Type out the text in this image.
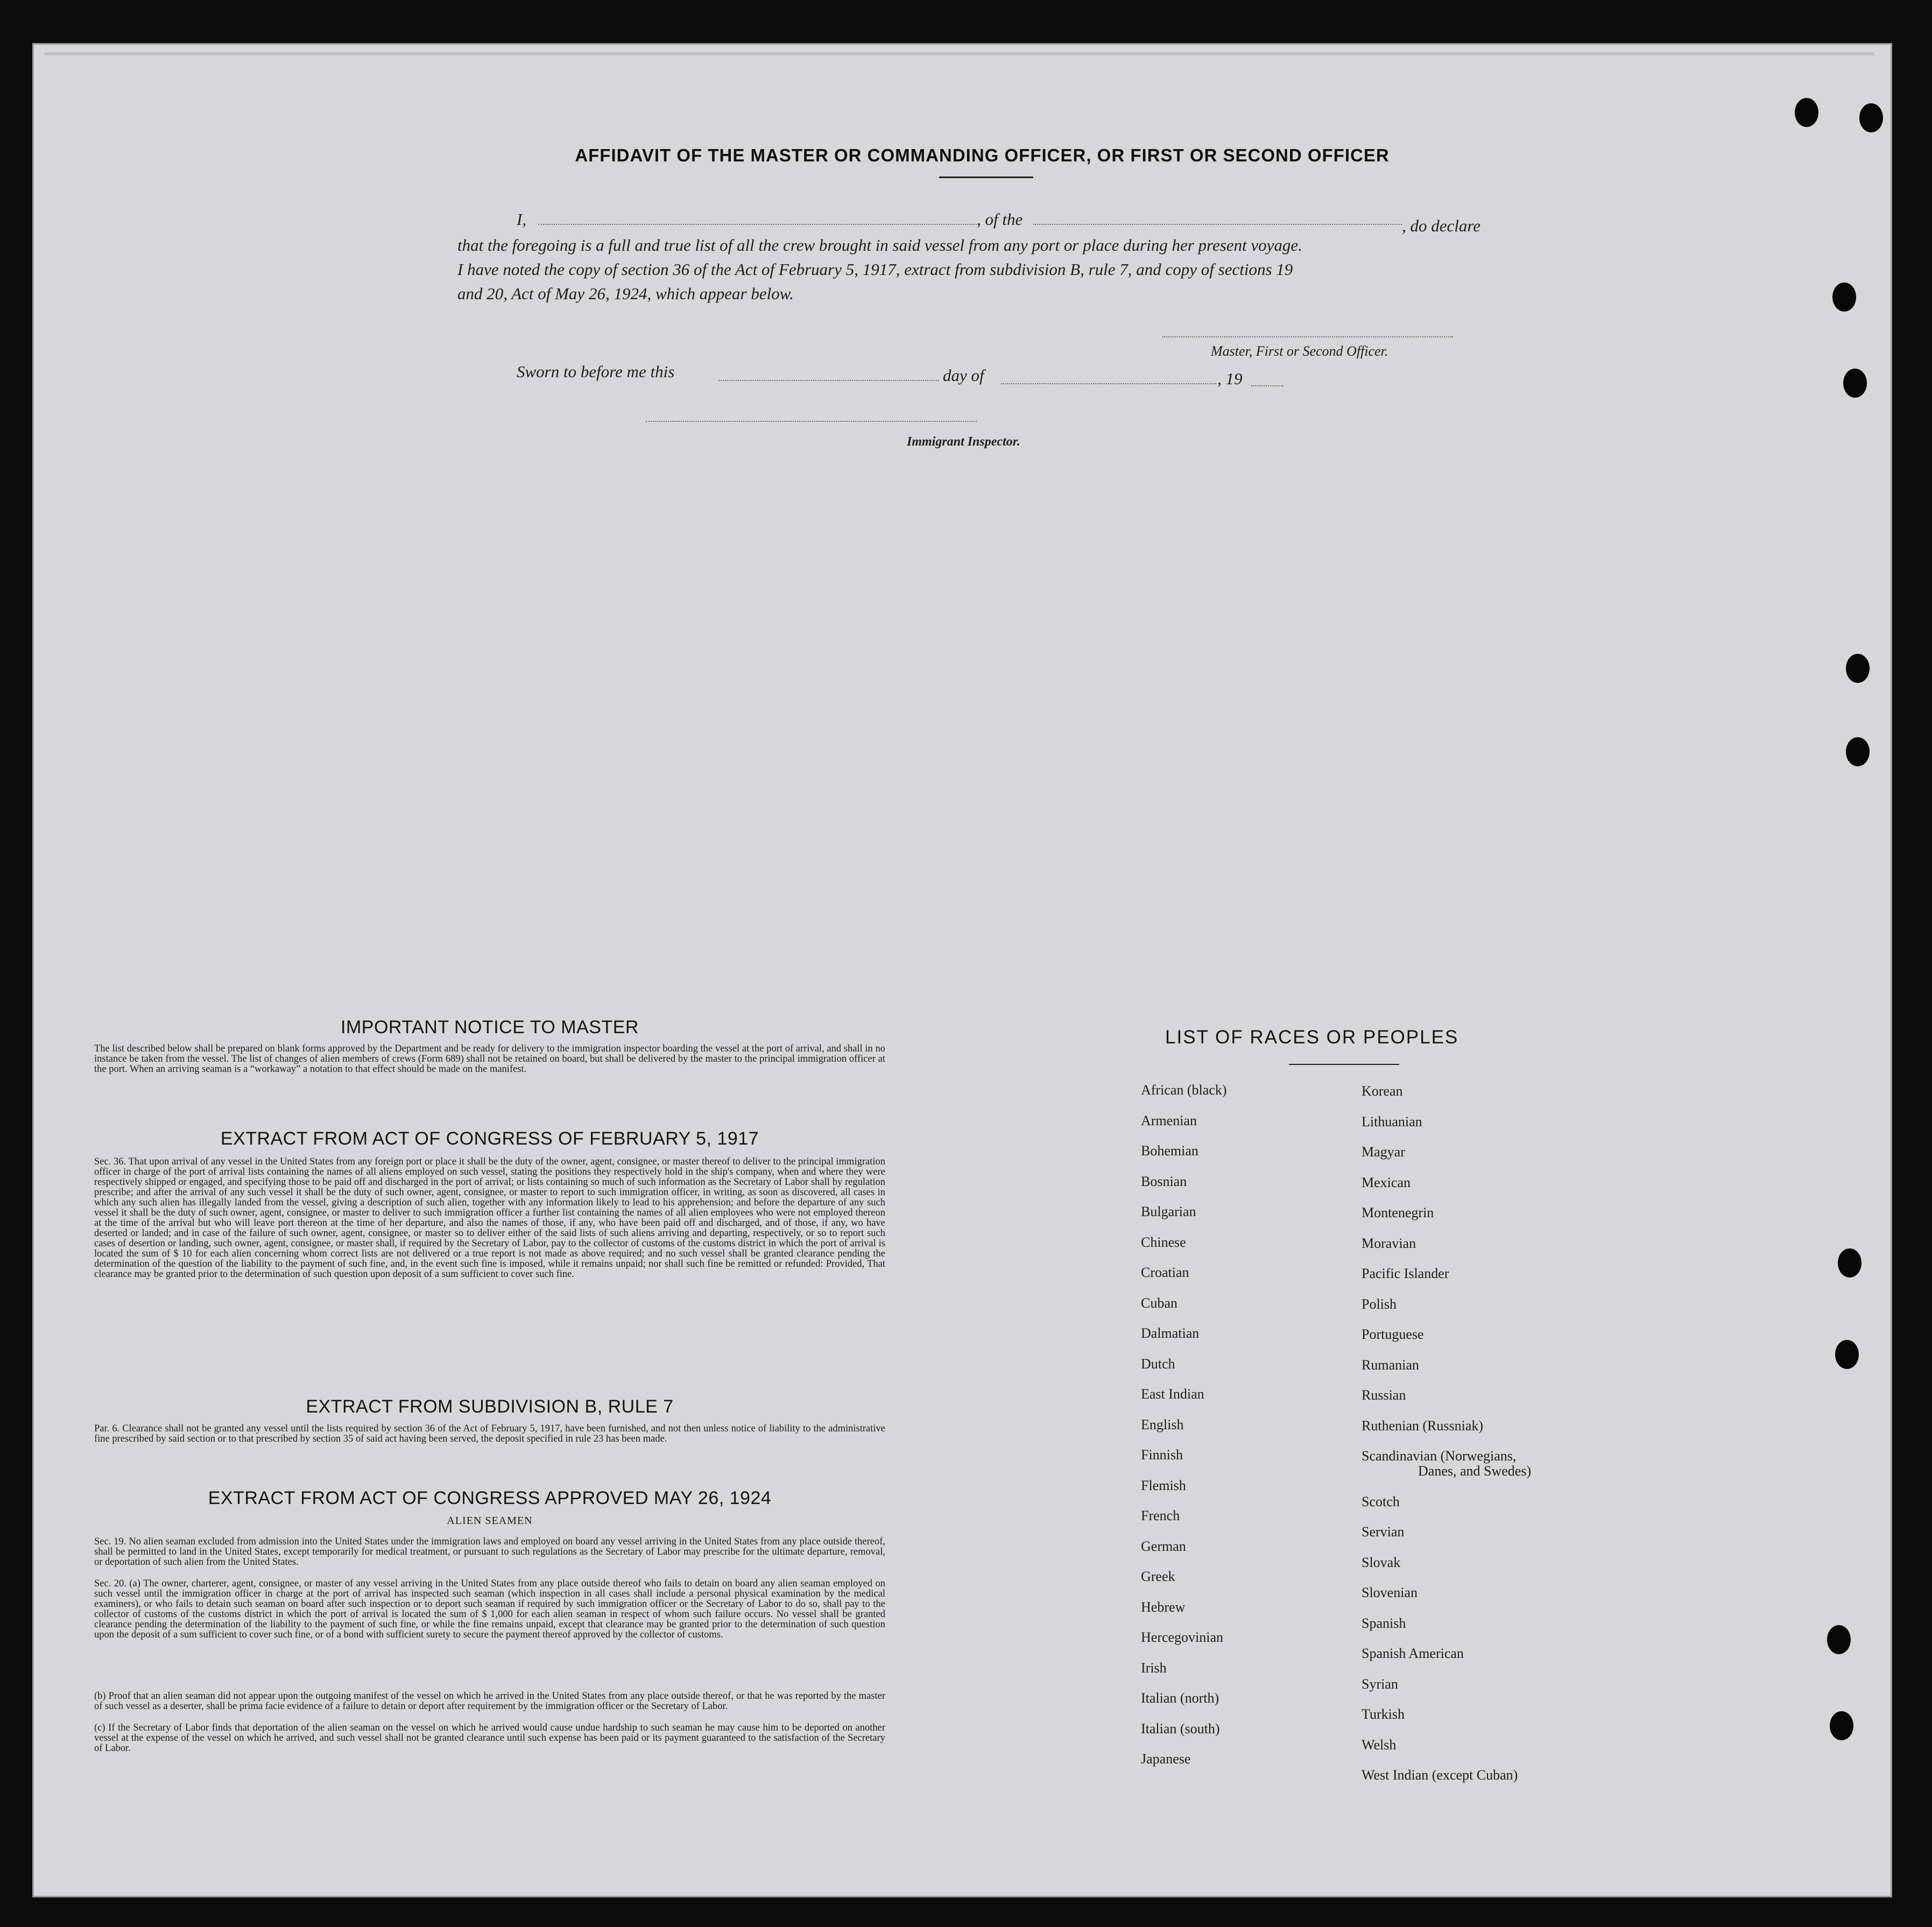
AFFIDAVIT OF THE MASTER OR COMMANDING OFFICER, OR FIRST OR SECOND OFFICER
I,	, of the	, do declare
that the foregoing is a full and true list of all the crew brought in said vessel from any port or place during her present voyage.
I have noted the copy of section 36 of the Act of February 5, 1917, extract from subdivision B, rule 7, and copy of sections 19
and 20, Act of May 26, 1924, which appear below.
Master, First or Second Officer.
Sworn to before me this	day of	, 19
Immigrant Inspector.
IMPORTANT NOTICE TO MASTER
The list described below shall be prepared on blank forms approved by the Department and be ready for delivery to the immigration inspector boarding the vessel at the port of arrival, and shall in no instance be taken from the vessel. The list of changes of alien members of crews (Form 689) shall not be retained on board, but shall be delivered by the master to the principal immigration officer at the port. When an arriving seaman is a “workaway” a notation to that effect should be made on the manifest.
EXTRACT FROM ACT OF CONGRESS OF FEBRUARY 5, 1917
Sec. 36. That upon arrival of any vessel in the United States from any foreign port or place it shall be the duty of the owner, agent, consignee, or master thereof to deliver to the principal immigration officer in charge of the port of arrival lists containing the names of all aliens employed on such vessel, stating the positions they respectively hold in the ship's company, when and where they were respectively shipped or engaged, and specifying those to be paid off and discharged in the port of arrival; or lists containing so much of such information as the Secretary of Labor shall by regulation prescribe; and after the arrival of any such vessel it shall be the duty of such owner, agent, consignee, or master to report to such immigration officer, in writing, as soon as discovered, all cases in which any such alien has illegally landed from the vessel, giving a description of such alien, together with any information likely to lead to his apprehension; and before the departure of any such vessel it shall be the duty of such owner, agent, consignee, or master to deliver to such immigration officer a further list containing the names of all alien employees who were not employed thereon at the time of the arrival but who will leave port thereon at the time of her departure, and also the names of those, if any, who have been paid off and discharged, and of those, if any, wo have deserted or landed; and in case of the failure of such owner, agent, consignee, or master so to deliver either of the said lists of such aliens arriving and departing, respectively, or so to report such cases of desertion or landing, such owner, agent, consignee, or master shall, if required by the Secretary of Labor, pay to the collector of customs of the customs district in which the port of arrival is located the sum of $ 10 for each alien concerning whom correct lists are not delivered or a true report is not made as above required; and no such vessel shall be granted clearance pending the determination of the question of the liability to the payment of such fine, and, in the event such fine is imposed, while it remains unpaid; nor shall such fine be remitted or refunded: Provided, That clearance may be granted prior to the determination of such question upon deposit of a sum sufficient to cover such fine.
EXTRACT FROM SUBDIVISION B, RULE 7
Par. 6. Clearance shall not be granted any vessel until the lists required by section 36 of the Act of February 5, 1917, have been furnished, and not then unless notice of liability to the administrative fine prescribed by said section or to that prescribed by section 35 of said act having been served, the deposit specified in rule 23 has been made.
EXTRACT FROM ACT OF CONGRESS APPROVED MAY 26, 1924
ALIEN SEAMEN
Sec. 19. No alien seaman excluded from admission into the United States under the immigration laws and employed on board any vessel arriving in the United States from any place outside thereof, shall be permitted to land in the United States, except temporarily for medical treatment, or pursuant to such regulations as the Secretary of Labor may prescribe for the ultimate departure, removal, or deportation of such alien from the United States.
Sec. 20. (a) The owner, charterer, agent, consignee, or master of any vessel arriving in the United States from any place outside thereof who fails to detain on board any alien seaman employed on such vessel until the immigration officer in charge at the port of arrival has inspected such seaman (which inspection in all cases shall include a personal physical examination by the medical examiners), or who fails to detain such seaman on board after such inspection or to deport such seaman if required by such immigration officer or the Secretary of Labor to do so, shall pay to the collector of customs of the customs district in which the port of arrival is located the sum of $ 1,000 for each alien seaman in respect of whom such failure occurs. No vessel shall be granted clearance pending the determination of the liability to the payment of such fine, or while the fine remains unpaid, except that clearance may be granted prior to the determination of such question upon the deposit of a sum sufficient to cover such fine, or of a bond with sufficient surety to secure the payment thereof approved by the collector of customs.
(b) Proof that an alien seaman did not appear upon the outgoing manifest of the vessel on which he arrived in the United States from any place outside thereof, or that he was reported by the master of such vessel as a deserter, shall be prima facie evidence of a failure to detain or deport after requirement by the immigration officer or the Secretary of Labor.
(c) If the Secretary of Labor finds that deportation of the alien seaman on the vessel on which he arrived would cause undue hardship to such seaman he may cause him to be deported on another vessel at the expense of the vessel on which he arrived, and such vessel shall not be granted clearance until such expense has been paid or its payment guaranteed to the satisfaction of the Secretary of Labor.
LIST OF RACES OR PEOPLES
African (black)
Armenian
Bohemian
Bosnian
Bulgarian
Chinese
Croatian
Cuban
Dalmatian
Dutch
East Indian
English
Finnish
Flemish
French
German
Greek
Hebrew
Hercegovinian
Irish
Italian (north)
Italian (south)
Japanese
Korean
Lithuanian
Magyar
Mexican
Montenegrin
Moravian
Pacific Islander
Polish
Portuguese
Rumanian
Russian
Ruthenian (Russniak)
Scandinavian (Norwegians,
Danes, and Swedes)
Scotch
Servian
Slovak
Slovenian
Spanish
Spanish American
Syrian
Turkish
Welsh
West Indian (except Cuban)
